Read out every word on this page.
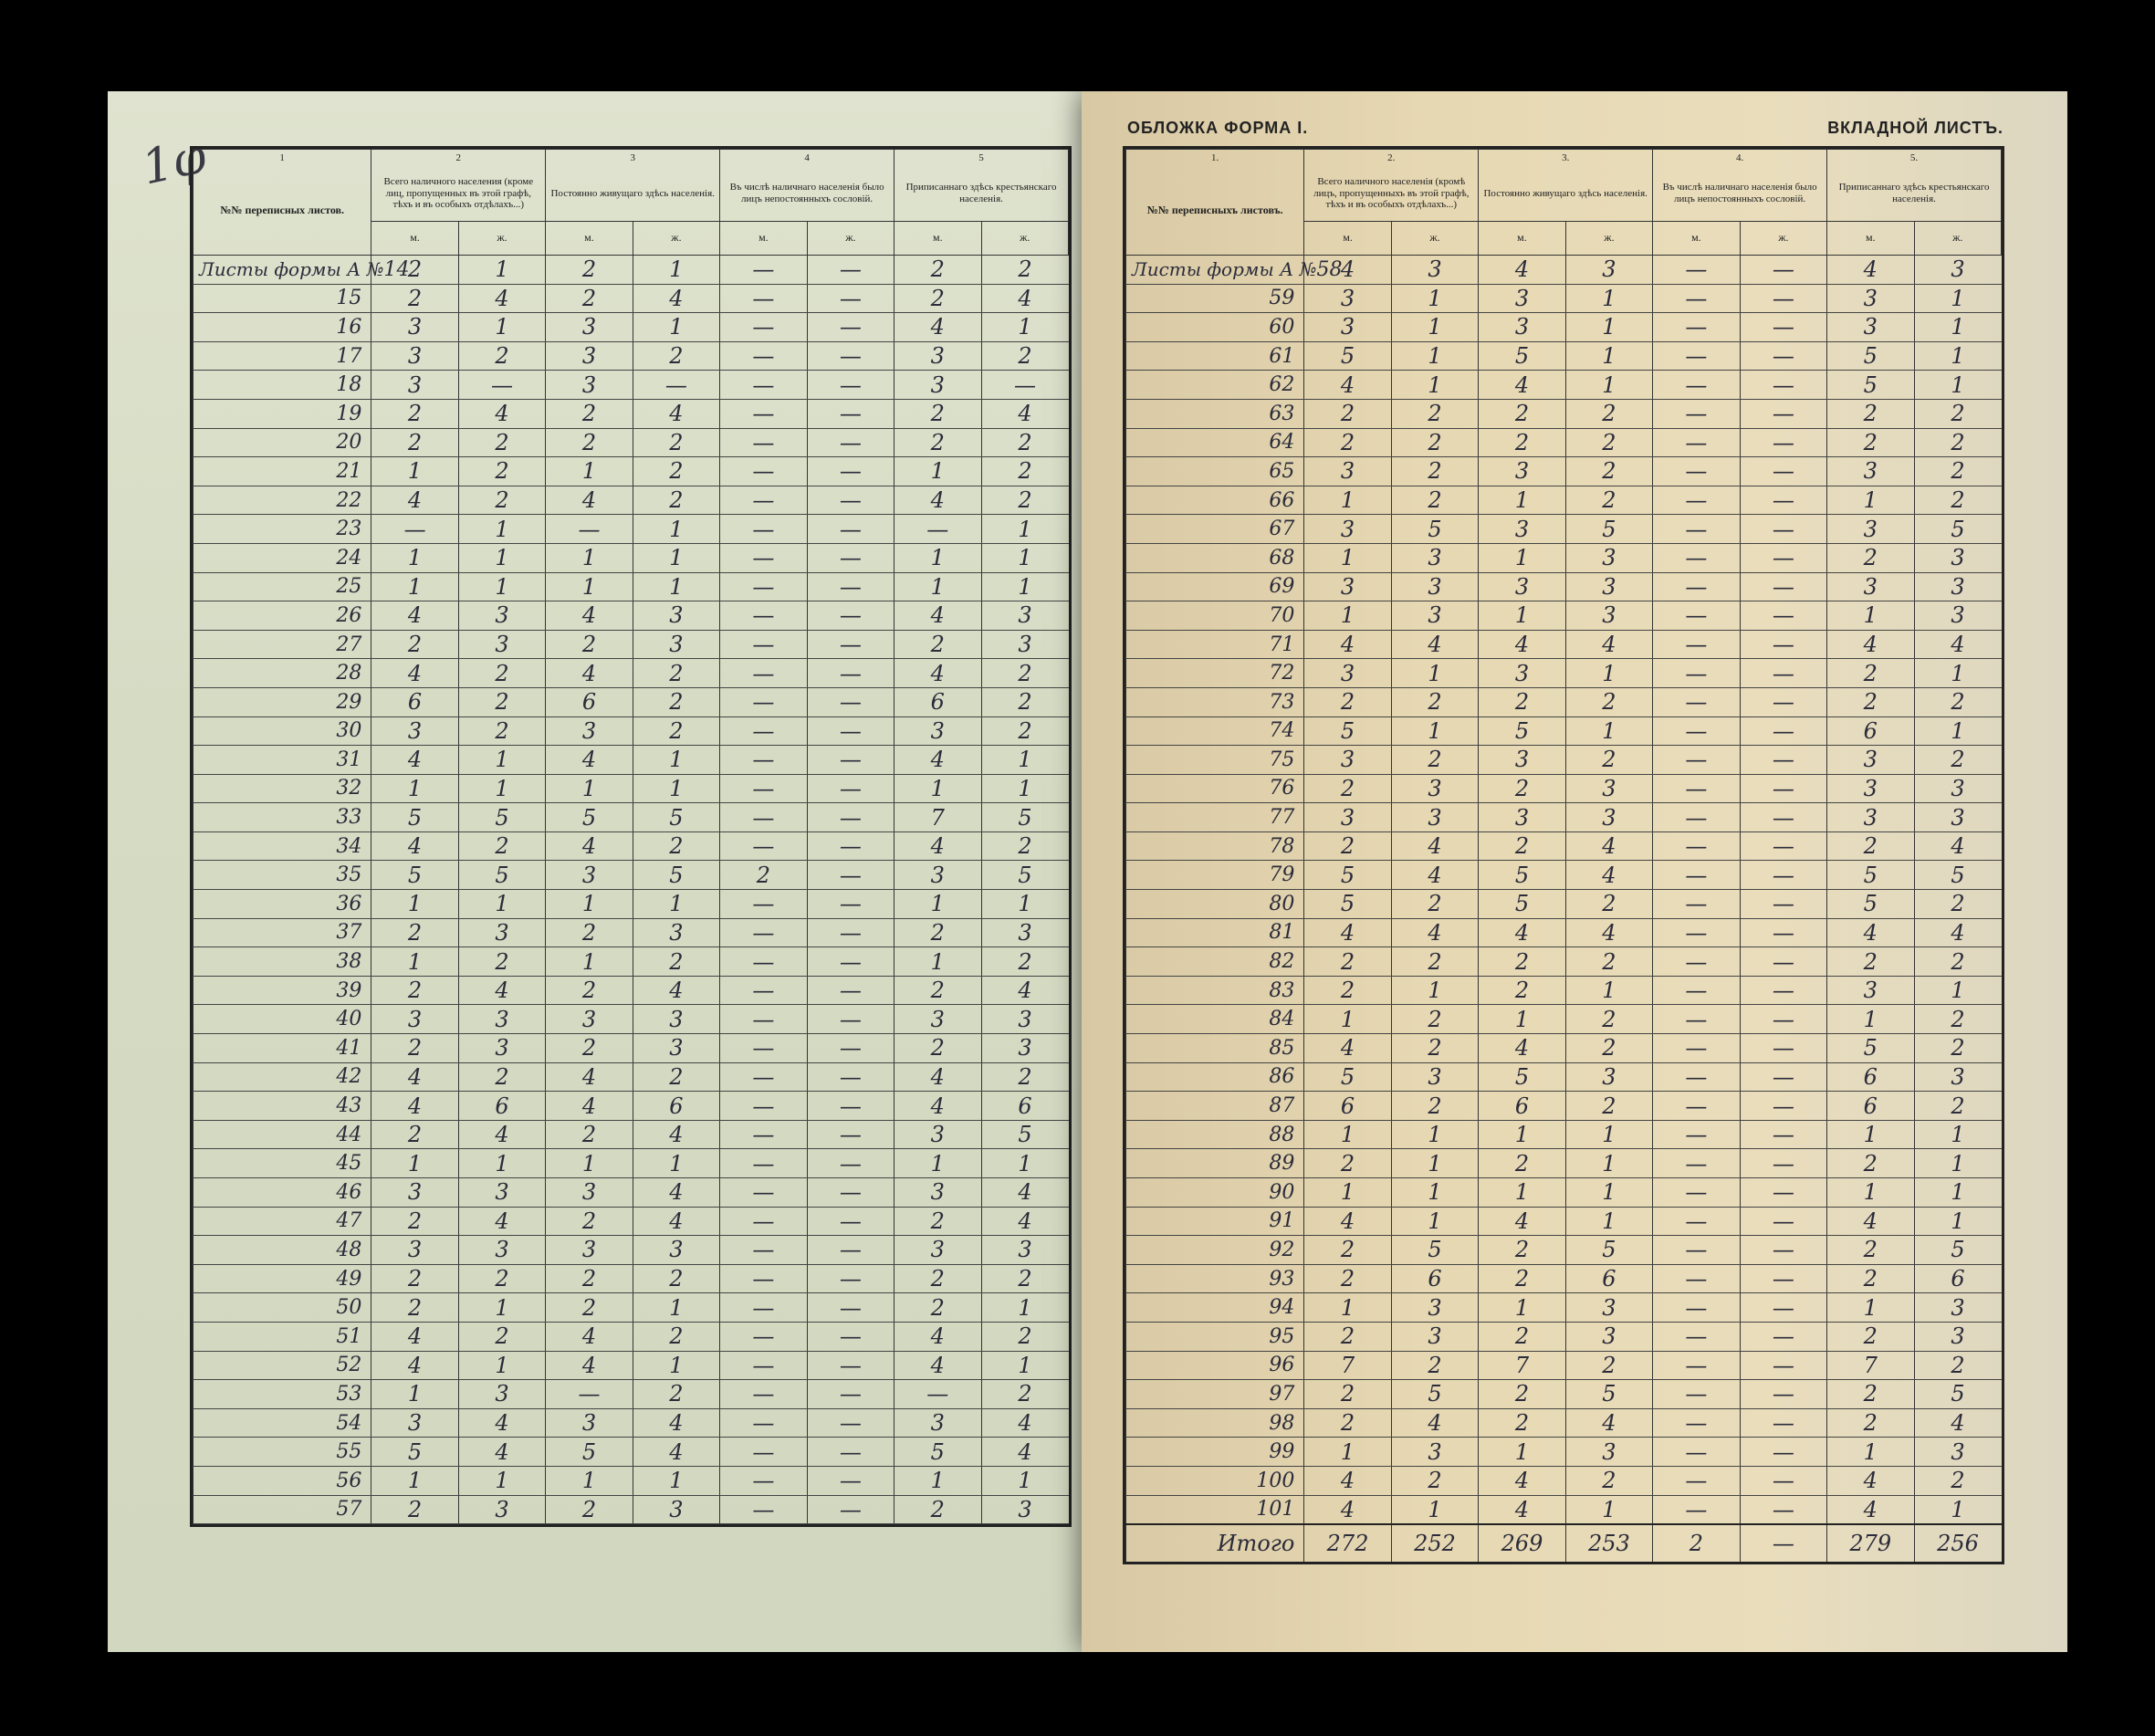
1φ	1	2		3		4		5	
№№ переписных листов.	Всего наличного населения (кроме лиц, пропущенных въ этой графѣ, тѣхъ и въ особыхъ отдѣлахъ...)		Постоянно живущаго здѣсь населенія.		Въ числѣ наличнаго населенія было лицъ непостоянныхъ сословій.		Приписаннаго здѣсь крестьянскаго населенія.	
	м.	ж.	м.	ж.	м.	ж.	м.	ж.

Листы формы А № 14	2	1	2	1	—	—	2	2
15	2	4	2	4	—	—	2	4
16	3	1	3	1	—	—	4	1
17	3	2	3	2	—	—	3	2
18	3	—	3	—	—	—	3	—
19	2	4	2	4	—	—	2	4
20	2	2	2	2	—	—	2	2
21	1	2	1	2	—	—	1	2
22	4	2	4	2	—	—	4	2
23	—	1	—	1	—	—	—	1
24	1	1	1	1	—	—	1	1
25	1	1	1	1	—	—	1	1
26	4	3	4	3	—	—	4	3
27	2	3	2	3	—	—	2	3
28	4	2	4	2	—	—	4	2
29	6	2	6	2	—	—	6	2
30	3	2	3	2	—	—	3	2
31	4	1	4	1	—	—	4	1
32	1	1	1	1	—	—	1	1
33	5	5	5	5	—	—	7	5
34	4	2	4	2	—	—	4	2
35	5	5	3	5	2	—	3	5
36	1	1	1	1	—	—	1	1
37	2	3	2	3	—	—	2	3
38	1	2	1	2	—	—	1	2
39	2	4	2	4	—	—	2	4
40	3	3	3	3	—	—	3	3
41	2	3	2	3	—	—	2	3
42	4	2	4	2	—	—	4	2
43	4	6	4	6	—	—	4	6
44	2	4	2	4	—	—	3	5
45	1	1	1	1	—	—	1	1
46	3	3	3	4	—	—	3	4
47	2	4	2	4	—	—	2	4
48	3	3	3	3	—	—	3	3
49	2	2	2	2	—	—	2	2
50	2	1	2	1	—	—	2	1
51	4	2	4	2	—	—	4	2
52	4	1	4	1	—	—	4	1
53	1	3	—	2	—	—	—	2
54	3	4	3	4	—	—	3	4
55	5	4	5	4	—	—	5	4
56	1	1	1	1	—	—	1	1
57	2	3	2	3	—	—	2	3
ОБЛОЖКА ФОРМА І.	ВКЛАДНОЙ ЛИСТЪ.
1.	2.		3.		4.		5.	
№№ переписныхъ листовъ.	Всего наличного населенія (кромѣ лицъ, пропущенныхъ въ этой графѣ, тѣхъ и въ особыхъ отдѣлахъ...)		Постоянно живущаго здѣсь населенія.		Въ числѣ наличнаго населенія было лицъ непостоянныхъ сословій.		Приписаннаго здѣсь крестьянскаго населенія.	
	м.	ж.	м.	ж.	м.	ж.	м.	ж.

Листы формы А № 58	4	3	4	3	—	—	4	3
59	3	1	3	1	—	—	3	1
60	3	1	3	1	—	—	3	1
61	5	1	5	1	—	—	5	1
62	4	1	4	1	—	—	5	1
63	2	2	2	2	—	—	2	2
64	2	2	2	2	—	—	2	2
65	3	2	3	2	—	—	3	2
66	1	2	1	2	—	—	1	2
67	3	5	3	5	—	—	3	5
68	1	3	1	3	—	—	2	3
69	3	3	3	3	—	—	3	3
70	1	3	1	3	—	—	1	3
71	4	4	4	4	—	—	4	4
72	3	1	3	1	—	—	2	1
73	2	2	2	2	—	—	2	2
74	5	1	5	1	—	—	6	1
75	3	2	3	2	—	—	3	2
76	2	3	2	3	—	—	3	3
77	3	3	3	3	—	—	3	3
78	2	4	2	4	—	—	2	4
79	5	4	5	4	—	—	5	5
80	5	2	5	2	—	—	5	2
81	4	4	4	4	—	—	4	4
82	2	2	2	2	—	—	2	2
83	2	1	2	1	—	—	3	1
84	1	2	1	2	—	—	1	2
85	4	2	4	2	—	—	5	2
86	5	3	5	3	—	—	6	3
87	6	2	6	2	—	—	6	2
88	1	1	1	1	—	—	1	1
89	2	1	2	1	—	—	2	1
90	1	1	1	1	—	—	1	1
91	4	1	4	1	—	—	4	1
92	2	5	2	5	—	—	2	5
93	2	6	2	6	—	—	2	6
94	1	3	1	3	—	—	1	3
95	2	3	2	3	—	—	2	3
96	7	2	7	2	—	—	7	2
97	2	5	2	5	—	—	2	5
98	2	4	2	4	—	—	2	4
99	1	3	1	3	—	—	1	3
100	4	2	4	2	—	—	4	2
101	4	1	4	1	—	—	4	1
Итого	272	252	269	253	2	—	279	256
